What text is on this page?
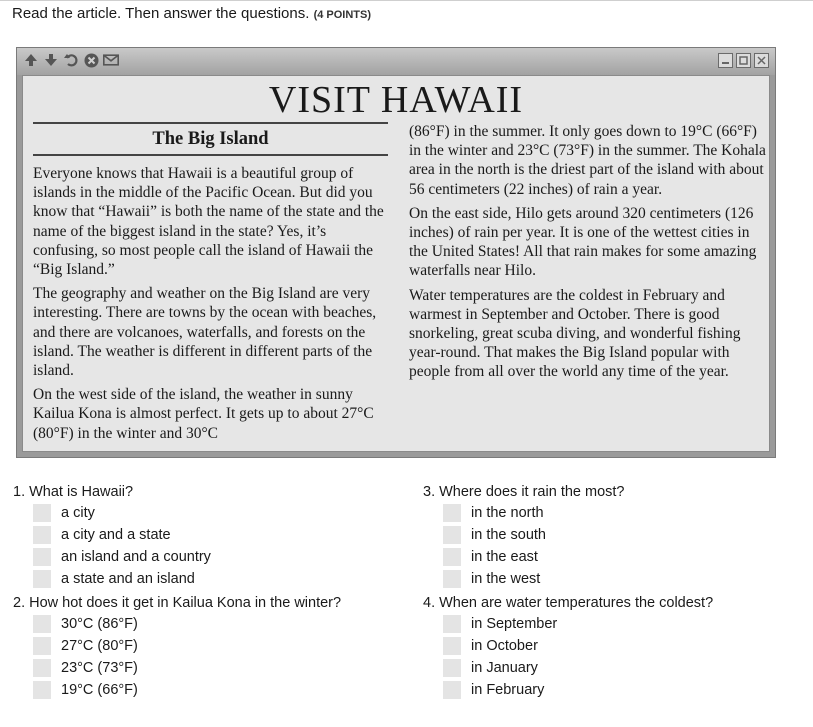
Read the article. Then answer the questions. (4 POINTS)
VISIT HAWAII
The Big Island

Everyone knows that Hawaii is a beautiful group of islands in the middle of the Pacific Ocean. But did you know that “Hawaii” is both the name of the state and the name of the biggest island in the state? Yes, it’s confusing, so most people call the island of Hawaii the “Big Island.”

The geography and weather on the Big Island are very interesting. There are towns by the ocean with beaches, and there are volcanoes, waterfalls, and forests on the island. The weather is different in different parts of the island.

On the west side of the island, the weather in sunny Kailua Kona is almost perfect. It gets up to about 27°C (80°F) in the winter and 30°C

(86°F) in the summer. It only goes down to 19°C (66°F) in the winter and 23°C (73°F) in the summer. The Kohala area in the north is the driest part of the island with about 56 centimeters (22 inches) of rain a year.

On the east side, Hilo gets around 320 centimeters (126 inches) of rain per year. It is one of the wettest cities in the United States! All that rain makes for some amazing waterfalls near Hilo.

Water temperatures are the coldest in February and warmest in September and October. There is good snorkeling, great scuba diving, and wonderful fishing year-round. That makes the Big Island popular with people from all over the world any time of the year.

1. What is Hawaii?
a city
a city and a state
an island and a country
a state and an island
2. How hot does it get in Kailua Kona in the winter?
30°C (86°F)
27°C (80°F)
23°C (73°F)
19°C (66°F)
3. Where does it rain the most?
in the north
in the south
in the east
in the west
4. When are water temperatures the coldest?
in September
in October
in January
in February
